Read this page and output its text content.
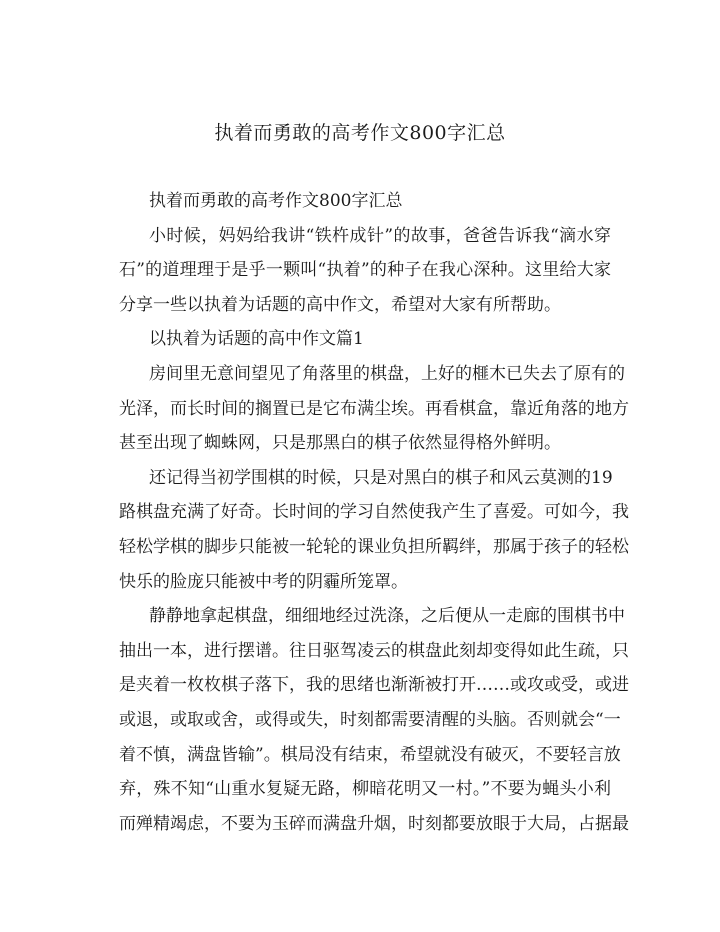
执着而勇敢的高考作文800字汇总
执着而勇敢的高考作文800字汇总
小时候，妈妈给我讲“铁杵成针”的故事，爸爸告诉我“滴水穿
石”的道理理于是乎一颗叫“执着”的种子在我心深种。这里给大家
分享一些以执着为话题的高中作文，希望对大家有所帮助。
以执着为话题的高中作文篇1
房间里无意间望见了角落里的棋盘，上好的榧木已失去了原有的
光泽，而长时间的搁置已是它布满尘埃。再看棋盒，靠近角落的地方
甚至出现了蜘蛛网，只是那黑白的棋子依然显得格外鲜明。
还记得当初学围棋的时候，只是对黑白的棋子和风云莫测的19
路棋盘充满了好奇。长时间的学习自然使我产生了喜爱。可如今，我
轻松学棋的脚步只能被一轮轮的课业负担所羁绊，那属于孩子的轻松
快乐的脸庞只能被中考的阴霾所笼罩。
静静地拿起棋盘，细细地经过洗涤，之后便从一走廊的围棋书中
抽出一本，进行摆谱。往日驱驾凌云的棋盘此刻却变得如此生疏，只
是夹着一枚枚棋子落下，我的思绪也渐渐被打开……或攻或受，或进
或退，或取或舍，或得或失，时刻都需要清醒的头脑。否则就会“一
着不慎，满盘皆输”。棋局没有结束，希望就没有破灭，不要轻言放
弃，殊不知“山重水复疑无路，柳暗花明又一村。”不要为蝇头小利
而殚精竭虑，不要为玉碎而满盘升烟，时刻都要放眼于大局，占据最
